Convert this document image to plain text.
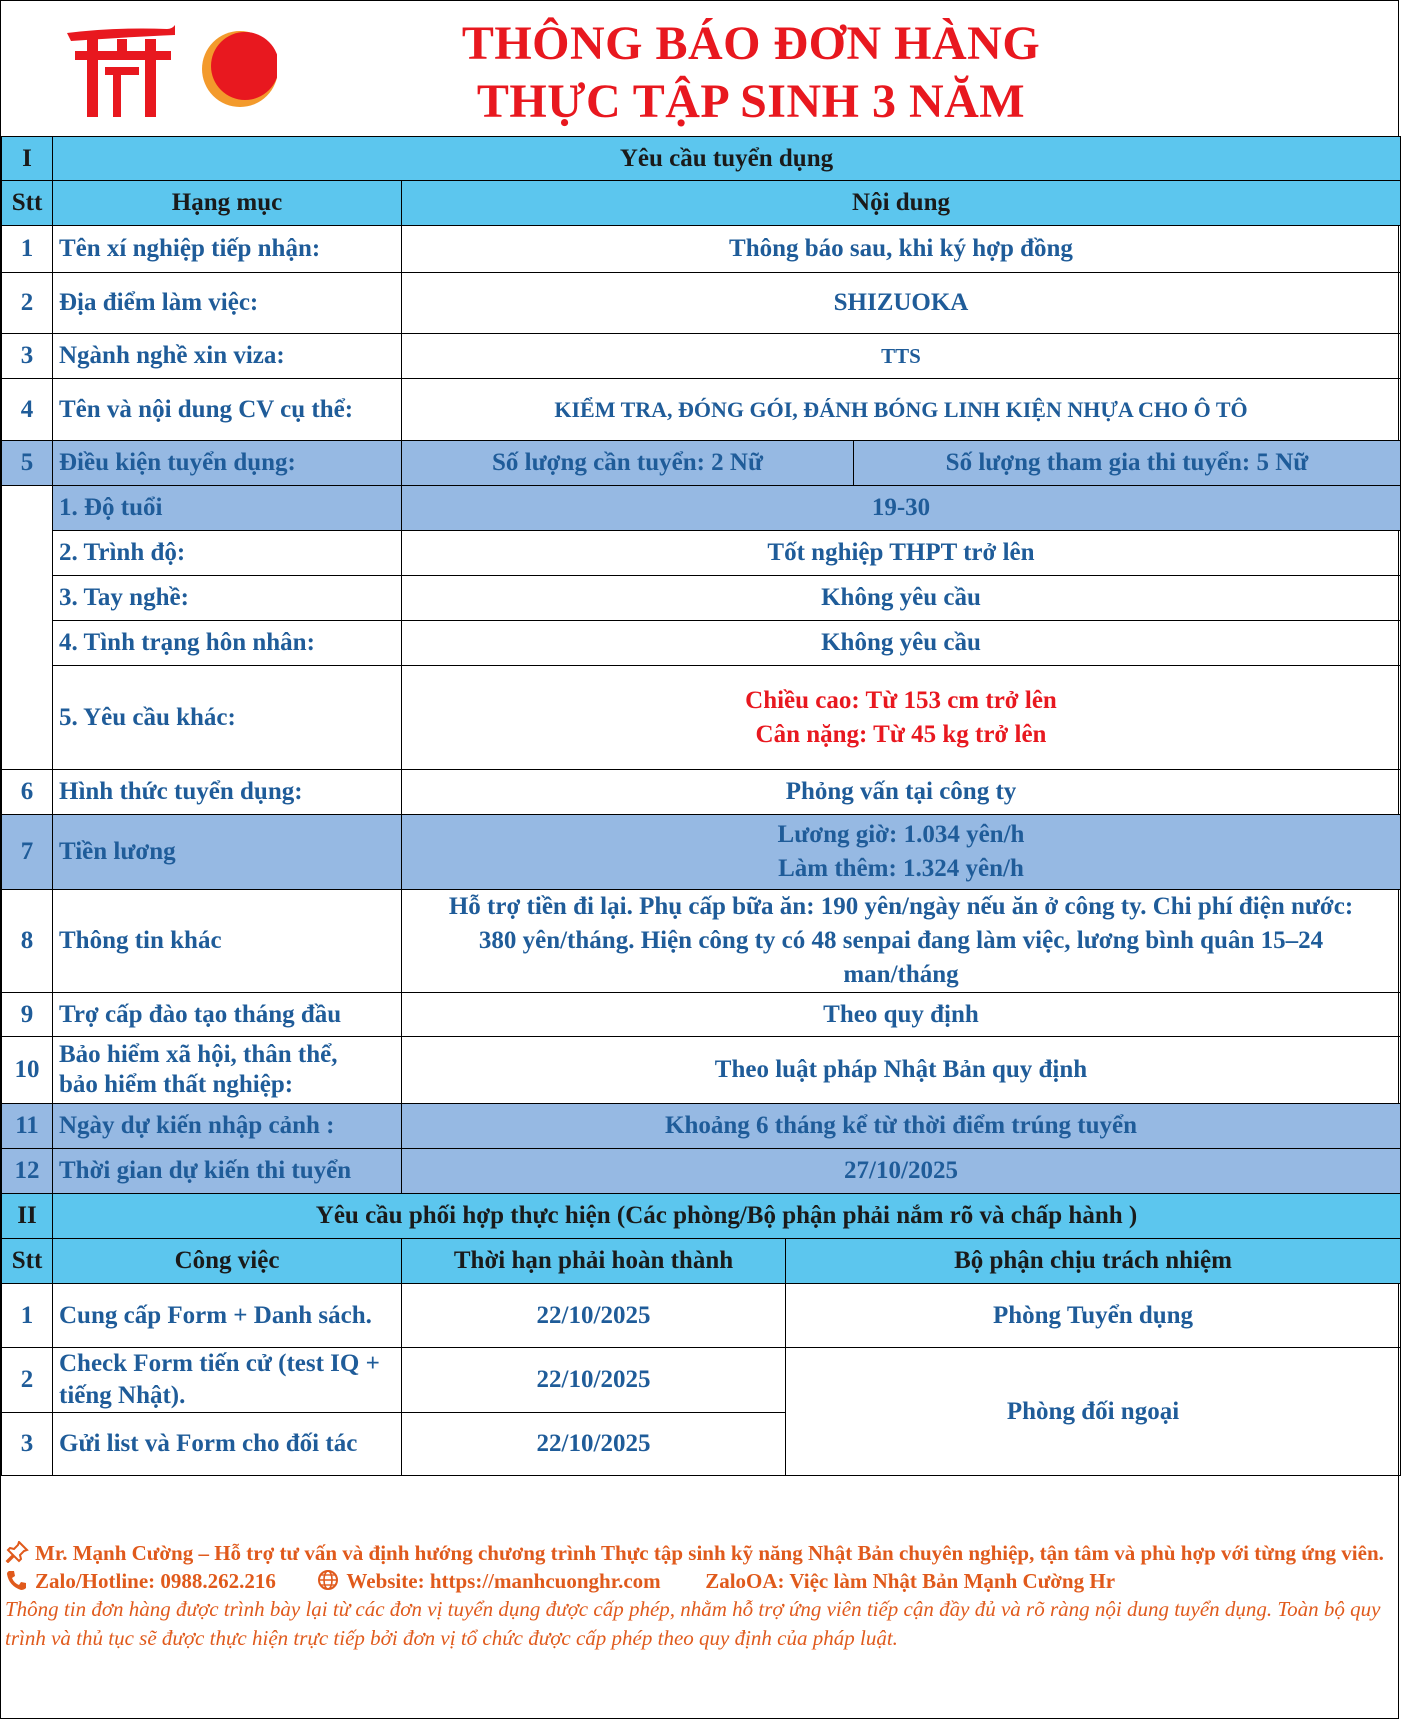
THÔNG BÁO ĐƠN HÀNG
THỰC TẬP SINH 3 NĂM
I	Yêu cầu tuyển dụng			
Stt	Hạng mục	Nội dung		
1	Tên xí nghiệp tiếp nhận:	Thông báo sau, khi ký hợp đồng		
2	Địa điểm làm việc:	SHIZUOKA		
3	Ngành nghề xin viza:	TTS		
4	Tên và nội dung CV cụ thể:	KIỂM TRA, ĐÓNG GÓI, ĐÁNH BÓNG LINH KIỆN NHỰA CHO Ô TÔ		
5	Điều kiện tuyển dụng:	Số lượng cần tuyển: 2 Nữ		Số lượng tham gia thi tuyển: 5 Nữ
	1. Độ tuổi	19-30		
	2. Trình độ:	Tốt nghiệp THPT trở lên		
	3. Tay nghề:	Không yêu cầu		
	4. Tình trạng hôn nhân:	Không yêu cầu		
	5. Yêu cầu khác:	Chiều cao: Từ 153 cm trở lên
Cân nặng: Từ 45 kg trở lên		

6	Hình thức tuyển dụng:	Phỏng vấn tại công ty		
7	Tiền lương	Lương giờ: 1.034 yên/h
Làm thêm: 1.324 yên/h		

8	Thông tin khác	Hỗ trợ tiền đi lại. Phụ cấp bữa ăn: 190 yên/ngày nếu ăn ở công ty. Chi phí điện nước: 380 yên/tháng. Hiện công ty có 48 senpai đang làm việc, lương bình quân 15–24 man/tháng		
9	Trợ cấp đào tạo tháng đầu	Theo quy định		
10	Bảo hiểm xã hội, thân thể,
bảo hiểm thất nghiệp:	Theo luật pháp Nhật Bản quy định		
11	Ngày dự kiến nhập cảnh :	Khoảng 6 tháng kể từ thời điểm trúng tuyển		
12	Thời gian dự kiến thi tuyển	27/10/2025		
II	Yêu cầu phối hợp thực hiện (Các phòng/Bộ phận phải nắm rõ và chấp hành )			
Stt	Công việc	Thời hạn phải hoàn thành	Bộ phận chịu trách nhiệm	
1	Cung cấp Form + Danh sách.	22/10/2025	Phòng Tuyển dụng	
2	Check Form tiến cử (test IQ + tiếng Nhật).	22/10/2025	Phòng đối ngoại	
3	Gửi list và Form cho đối tác	22/10/2025		
Mr. Mạnh Cường – Hỗ trợ tư vấn và định hướng chương trình Thực tập sinh kỹ năng Nhật Bản chuyên nghiệp, tận tâm và phù hợp với từng ứng viên.
Zalo/Hotline: 0988.262.216	Website: https://manhcuonghr.com ZaloOA: Việc làm Nhật Bản Mạnh Cường Hr
Thông tin đơn hàng được trình bày lại từ các đơn vị tuyển dụng được cấp phép, nhằm hỗ trợ ứng viên tiếp cận đầy đủ và rõ ràng nội dung tuyển dụng. Toàn bộ quy trình và thủ tục sẽ được thực hiện trực tiếp bởi đơn vị tổ chức được cấp phép theo quy định của pháp luật.
